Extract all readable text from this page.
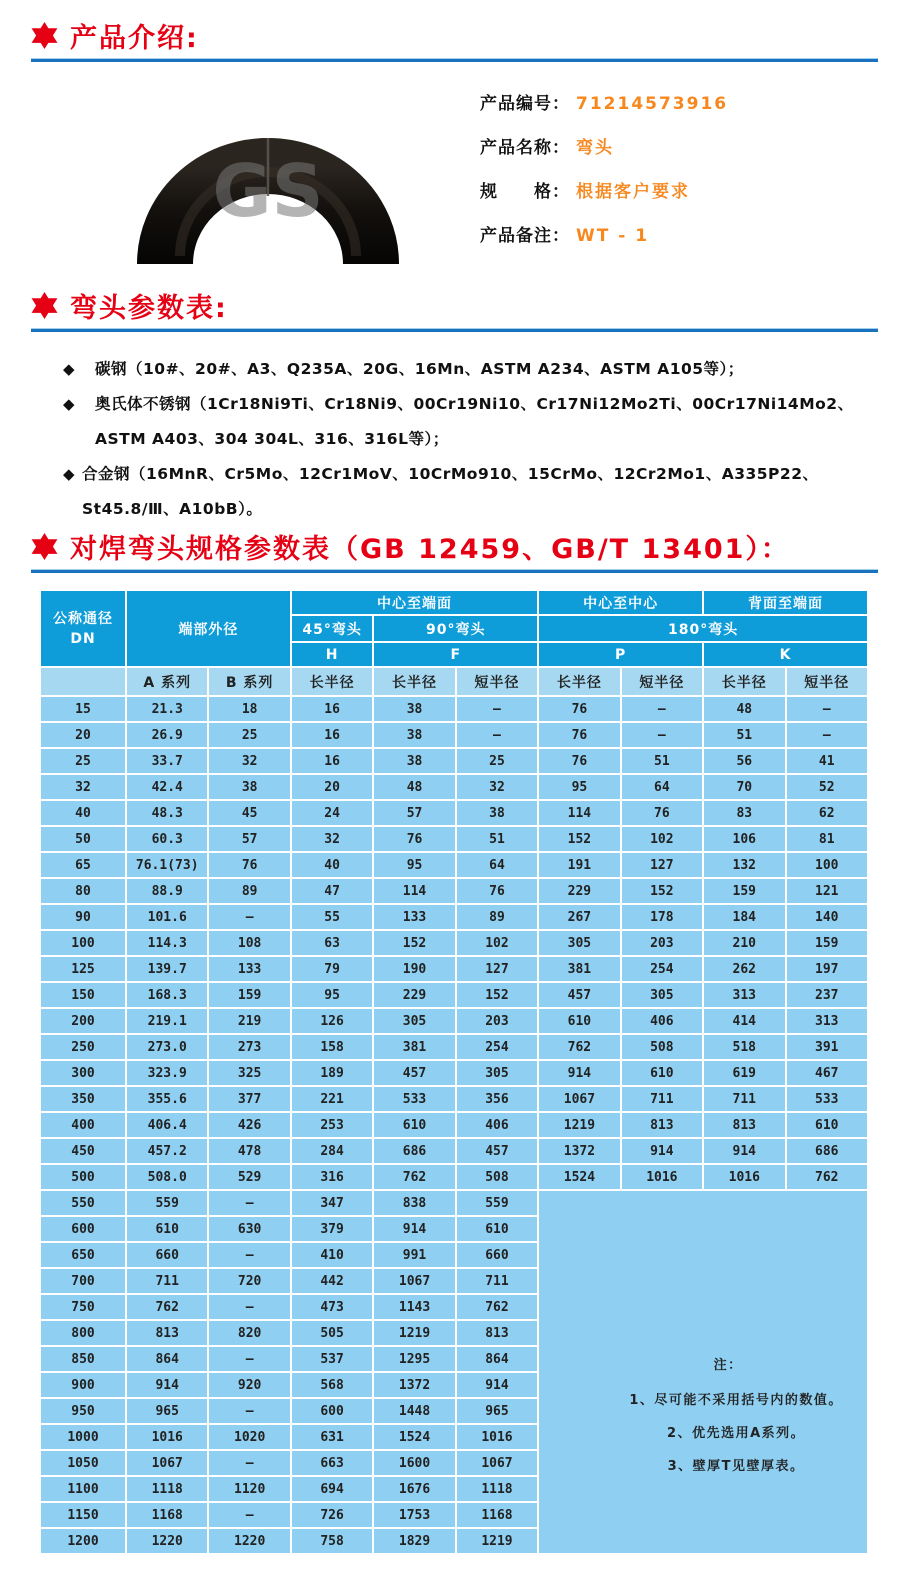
产品介绍:
GS
产品编号： 71214573916
产品名称： 弯头
规　　格： 根据客户要求
产品备注： WT - 1
弯头参数表:
◆ 碳钢（10#、20#、A3、Q235A、20G、16Mn、ASTM A234、ASTM A105等）；
◆ 奥氏体不锈钢（1Cr18Ni9Ti、Cr18Ni9、00Cr19Ni10、Cr17Ni12Mo2Ti、00Cr17Ni14Mo2、ASTM A403、304 304L、316、316L等）；
◆ 合金钢（16MnR、Cr5Mo、12Cr1MoV、10CrMo910、15CrMo、12Cr2Mo1、A335P22、St45.8/Ⅲ、A10bB）。
对焊弯头规格参数表（GB 12459、GB/T 13401）：
公称通径
DN	端部外径		中心至端面			中心至中心		背面至端面	
			45°弯头	90°弯头		180°弯头			
			H	F		P		K	
	A 系列	B 系列	长半径	长半径	短半径	长半径	短半径	长半径	短半径
15	21.3	18	16	38	—	76	—	48	—
20	26.9	25	16	38	—	76	—	51	—
25	33.7	32	16	38	25	76	51	56	41
32	42.4	38	20	48	32	95	64	70	52
40	48.3	45	24	57	38	114	76	83	62
50	60.3	57	32	76	51	152	102	106	81
65	76.1(73)	76	40	95	64	191	127	132	100
80	88.9	89	47	114	76	229	152	159	121
90	101.6	—	55	133	89	267	178	184	140
100	114.3	108	63	152	102	305	203	210	159
125	139.7	133	79	190	127	381	254	262	197
150	168.3	159	95	229	152	457	305	313	237
200	219.1	219	126	305	203	610	406	414	313
250	273.0	273	158	381	254	762	508	518	391
300	323.9	325	189	457	305	914	610	619	467
350	355.6	377	221	533	356	1067	711	711	533
400	406.4	426	253	610	406	1219	813	813	610
450	457.2	478	284	686	457	1372	914	914	686
500	508.0	529	316	762	508	1524	1016	1016	762
550	559	—	347	838	559	注：
1、尽可能不采用括号内的数值。
2、优先选用A系列。
3、壁厚T见壁厚表。			

600	610	630	379	914	610				
650	660	—	410	991	660				
700	711	720	442	1067	711				
750	762	—	473	1143	762				
800	813	820	505	1219	813				
850	864	—	537	1295	864				
900	914	920	568	1372	914				
950	965	—	600	1448	965				
1000	1016	1020	631	1524	1016				
1050	1067	—	663	1600	1067				
1100	1118	1120	694	1676	1118				
1150	1168	—	726	1753	1168				
1200	1220	1220	758	1829	1219				
